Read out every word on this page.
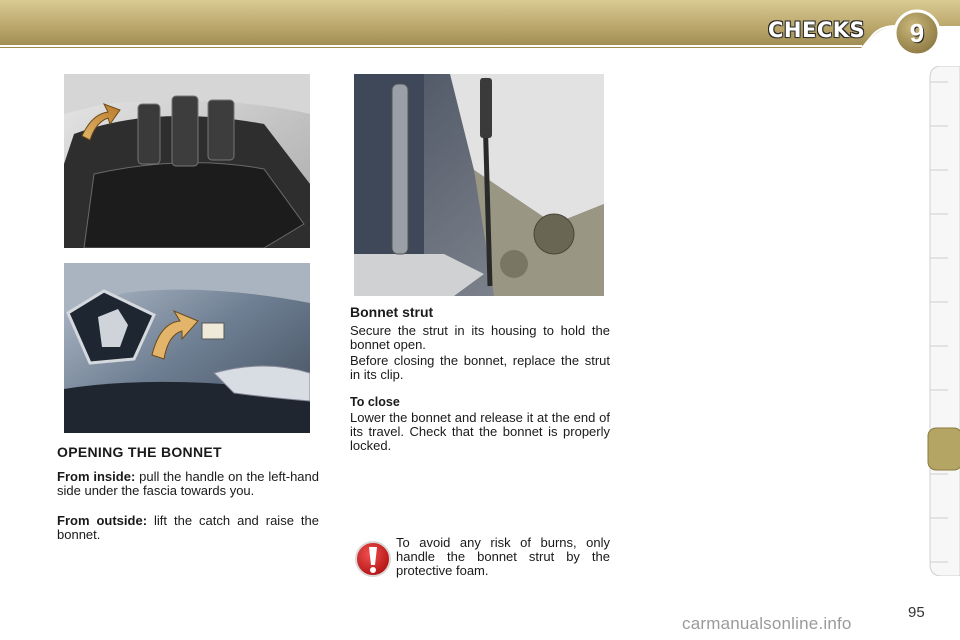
CHECKS	9
OPENING THE BONNET
From inside: pull the handle on the left-hand side under the fascia towards you.
From outside: lift the catch and raise the bonnet.
Bonnet strut
Secure the strut in its housing to hold the bonnet open.
Before closing the bonnet, replace the strut in its clip.
To close
Lower the bonnet and release it at the end of its travel. Check that the bonnet is properly locked.
To avoid any risk of burns, only handle the bonnet strut by the protective foam.
carmanualsonline.info
95
